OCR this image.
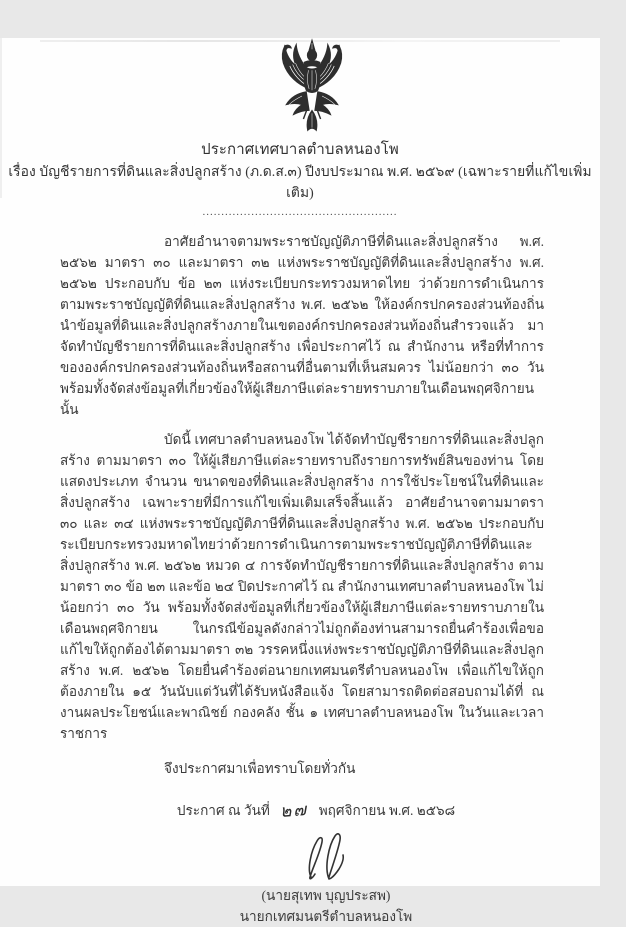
ประกาศเทศบาลตำบลหนองโพ
เรื่อง บัญชีรายการที่ดินและสิ่งปลูกสร้าง (ภ.ด.ส.๓) ปีงบประมาณ พ.ศ. ๒๕๖๙ (เฉพาะรายที่แก้ไขเพิ่มเติม)
....................................................

อาศัยอำนาจตามพระราชบัญญัติภาษีที่ดินและสิ่งปลูกสร้าง พ.ศ. ๒๕๖๒ มาตรา ๓๐ และมาตรา ๓๒ แห่งพระราชบัญญัติที่ดินและสิ่งปลูกสร้าง พ.ศ. ๒๕๖๒ ประกอบกับ ข้อ ๒๓ แห่งระเบียบกระทรวงมหาดไทย ว่าด้วยการดำเนินการตามพระราชบัญญัติที่ดินและสิ่งปลูกสร้าง พ.ศ. ๒๕๖๒ ให้องค์กรปกครองส่วนท้องถิ่น นำข้อมูลที่ดินและสิ่งปลูกสร้างภายในเขตองค์กรปกครองส่วนท้องถิ่นสำรวจแล้ว มาจัดทำบัญชีรายการที่ดินและสิ่งปลูกสร้าง เพื่อประกาศไว้ ณ สำนักงาน หรือที่ทำการขององค์กรปกครองส่วนท้องถิ่นหรือสถานที่อื่นตามที่เห็นสมควร ไม่น้อยกว่า ๓๐ วัน พร้อมทั้งจัดส่งข้อมูลที่เกี่ยวข้องให้ผู้เสียภาษีแต่ละรายทราบภายในเดือนพฤศจิกายน นั้น

บัดนี้ เทศบาลตำบลหนองโพ ได้จัดทำบัญชีรายการที่ดินและสิ่งปลูกสร้าง ตามมาตรา ๓๐ ให้ผู้เสียภาษีแต่ละรายทราบถึงรายการทรัพย์สินของท่าน โดยแสดงประเภท จำนวน ขนาดของที่ดินและสิ่งปลูกสร้าง การใช้ประโยชน์ในที่ดินและสิ่งปลูกสร้าง เฉพาะรายที่มีการแก้ไขเพิ่มเติมเสร็จสิ้นแล้ว อาศัยอำนาจตามมาตรา ๓๐ และ ๓๔ แห่งพระราชบัญญัติภาษีที่ดินและสิ่งปลูกสร้าง พ.ศ. ๒๕๖๒ ประกอบกับระเบียบกระทรวงมหาดไทยว่าด้วยการดำเนินการตามพระราชบัญญัติภาษีที่ดินและสิ่งปลูกสร้าง พ.ศ. ๒๕๖๒ หมวด ๔ การจัดทำบัญชีรายการที่ดินและสิ่งปลูกสร้าง ตามมาตรา ๓๐ ข้อ ๒๓ และข้อ ๒๔ ปิดประกาศไว้ ณ สำนักงานเทศบาลตำบลหนองโพ ไม่น้อยกว่า ๓๐ วัน พร้อมทั้งจัดส่งข้อมูลที่เกี่ยวข้องให้ผู้เสียภาษีแต่ละรายทราบภายในเดือนพฤศจิกายน ในกรณีข้อมูลดังกล่าวไม่ถูกต้องท่านสามารถยื่นคำร้องเพื่อขอแก้ไขให้ถูกต้องได้ตามมาตรา ๓๒ วรรคหนึ่งแห่งพระราชบัญญัติภาษีที่ดินและสิ่งปลูกสร้าง พ.ศ. ๒๕๖๒ โดยยื่นคำร้องต่อนายกเทศมนตรีตำบลหนองโพ เพื่อแก้ไขให้ถูกต้องภายใน ๑๕ วันนับแต่วันที่ได้รับหนังสือแจ้ง โดยสามารถติดต่อสอบถามได้ที่ ณ งานผลประโยชน์และพาณิชย์ กองคลัง ชั้น ๑ เทศบาลตำบลหนองโพ ในวันและเวลาราชการ

จึงประกาศมาเพื่อทราบโดยทั่วกัน
ประกาศ ณ วันที่ ๒๗ พฤศจิกายน พ.ศ. ๒๕๖๘
(นายสุเทพ บุญประสพ)
นายกเทศมนตรีตำบลหนองโพ
